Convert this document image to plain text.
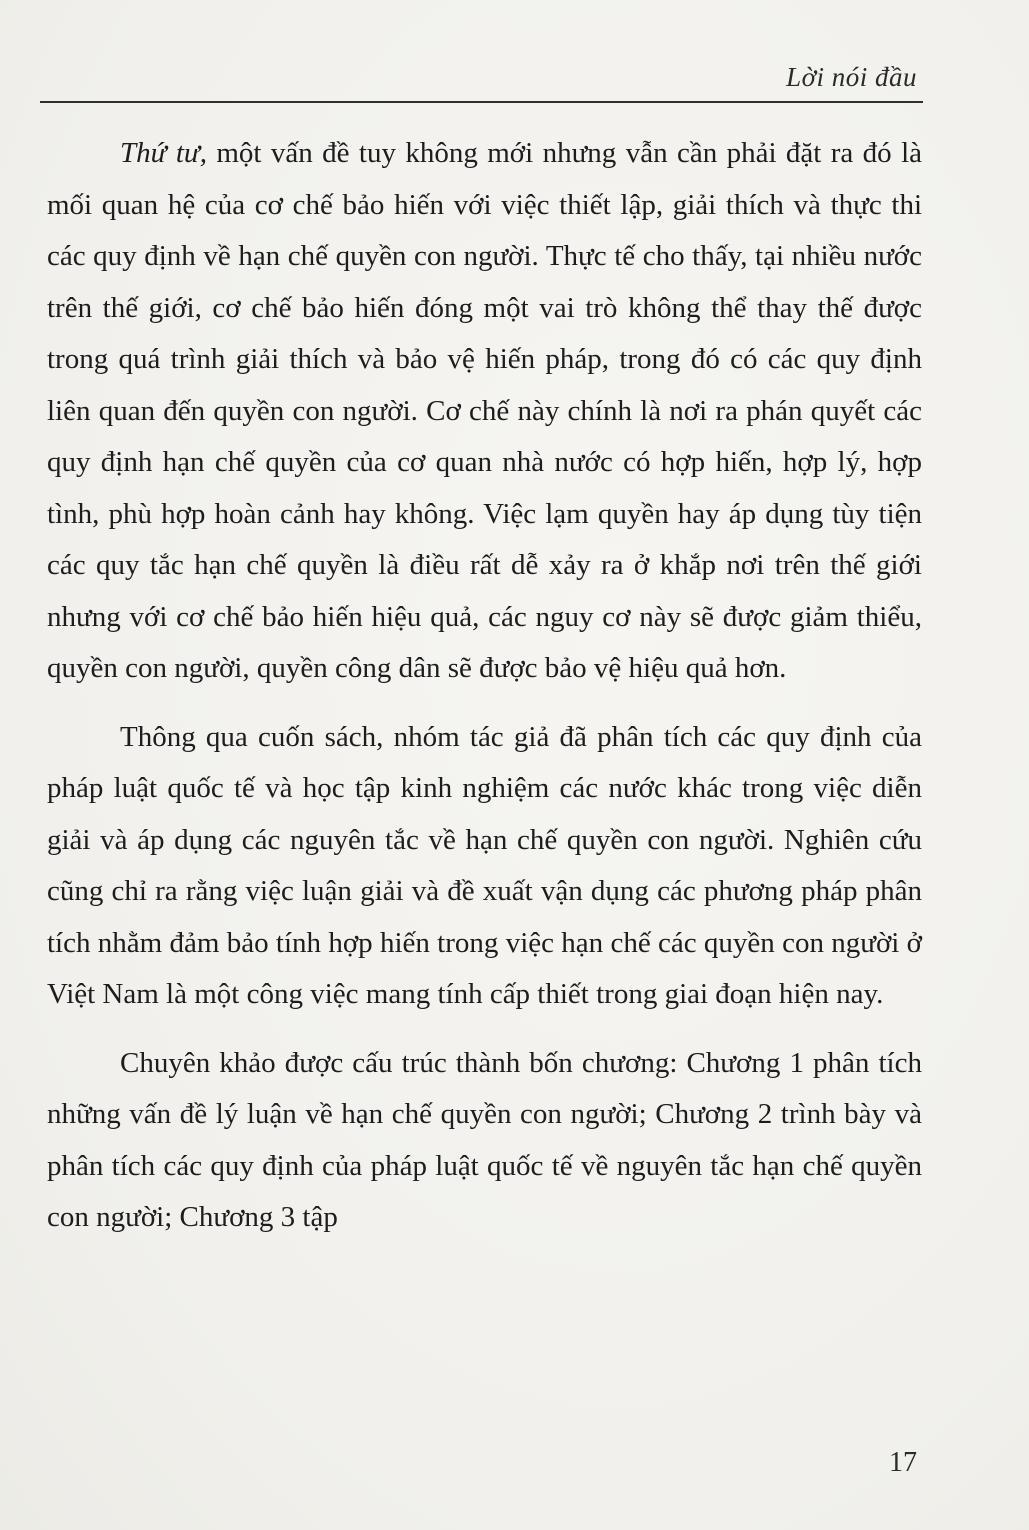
Lời nói đầu

Thứ tư, một vấn đề tuy không mới nhưng vẫn cần phải đặt ra đó là mối quan hệ của cơ chế bảo hiến với việc thiết lập, giải thích và thực thi các quy định về hạn chế quyền con người. Thực tế cho thấy, tại nhiều nước trên thế giới, cơ chế bảo hiến đóng một vai trò không thể thay thế được trong quá trình giải thích và bảo vệ hiến pháp, trong đó có các quy định liên quan đến quyền con người. Cơ chế này chính là nơi ra phán quyết các quy định hạn chế quyền của cơ quan nhà nước có hợp hiến, hợp lý, hợp tình, phù hợp hoàn cảnh hay không. Việc lạm quyền hay áp dụng tùy tiện các quy tắc hạn chế quyền là điều rất dễ xảy ra ở khắp nơi trên thế giới nhưng với cơ chế bảo hiến hiệu quả, các nguy cơ này sẽ được giảm thiểu, quyền con người, quyền công dân sẽ được bảo vệ hiệu quả hơn.

Thông qua cuốn sách, nhóm tác giả đã phân tích các quy định của pháp luật quốc tế và học tập kinh nghiệm các nước khác trong việc diễn giải và áp dụng các nguyên tắc về hạn chế quyền con người. Nghiên cứu cũng chỉ ra rằng việc luận giải và đề xuất vận dụng các phương pháp phân tích nhằm đảm bảo tính hợp hiến trong việc hạn chế các quyền con người ở Việt Nam là một công việc mang tính cấp thiết trong giai đoạn hiện nay.

Chuyên khảo được cấu trúc thành bốn chương: Chương 1 phân tích những vấn đề lý luận về hạn chế quyền con người; Chương 2 trình bày và phân tích các quy định của pháp luật quốc tế về nguyên tắc hạn chế quyền con người; Chương 3 tập

17
